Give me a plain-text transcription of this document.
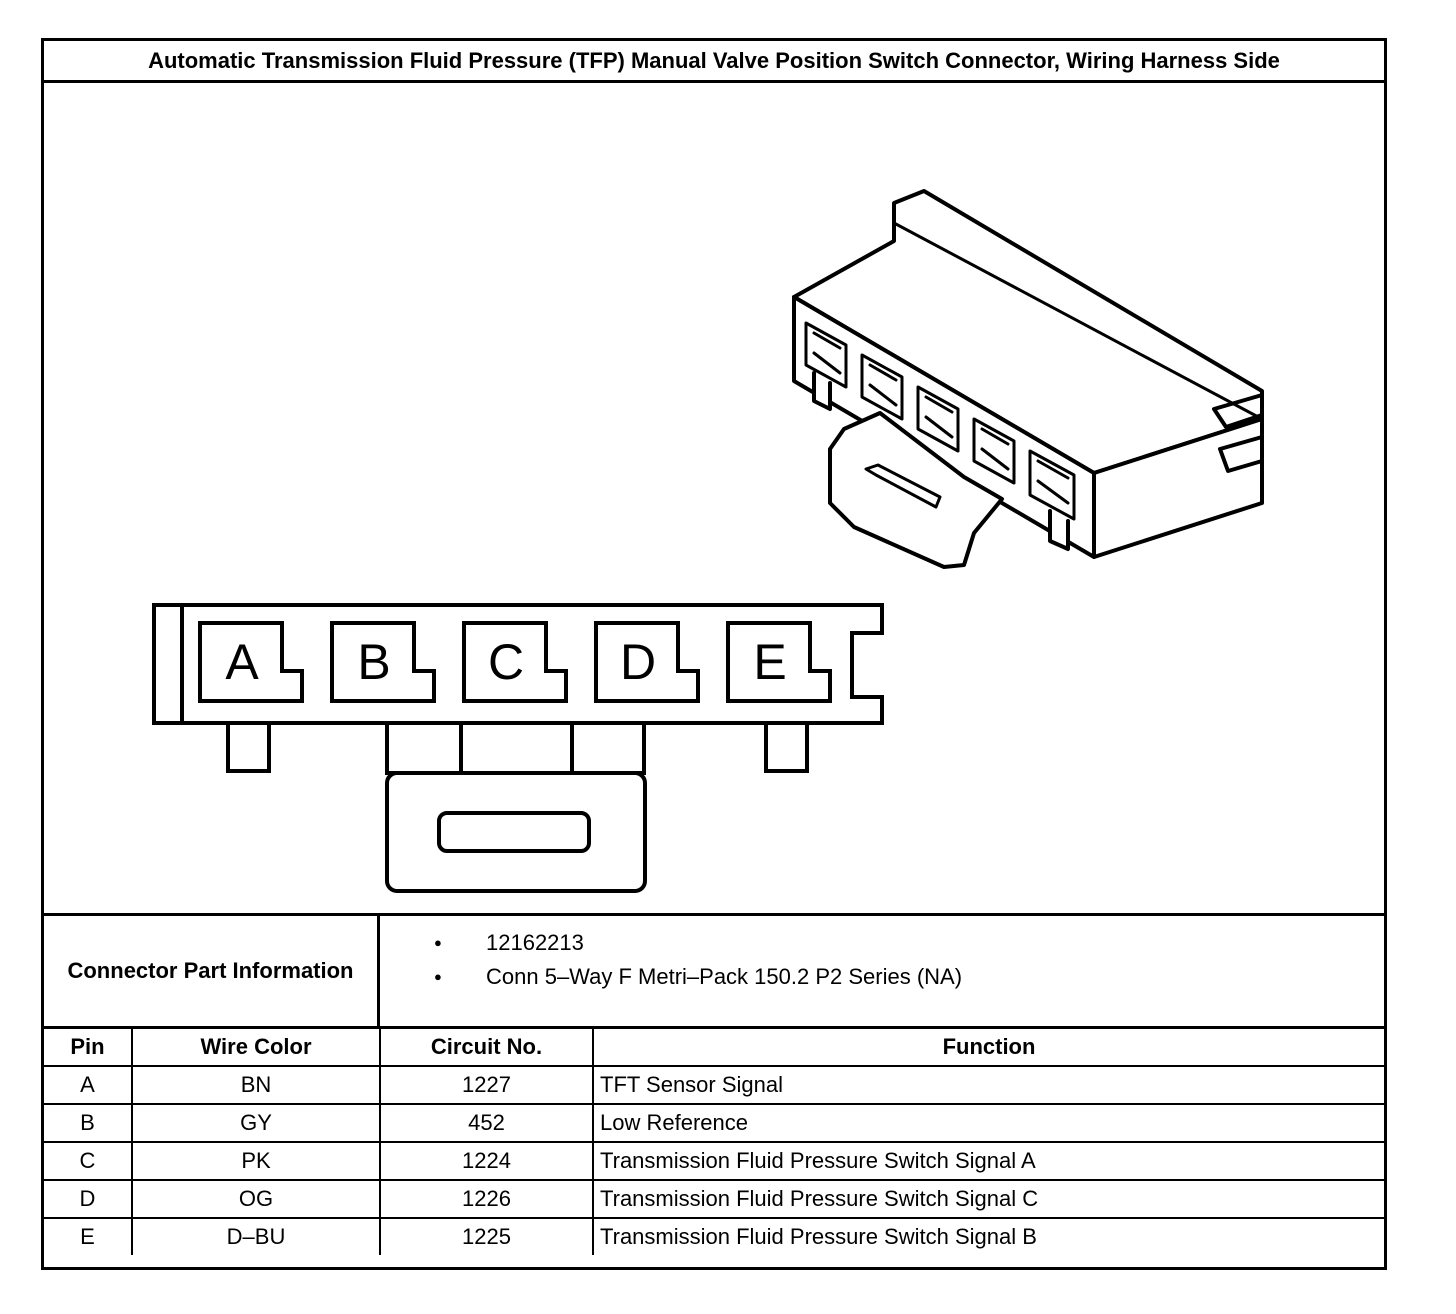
Automatic Transmission Fluid Pressure (TFP) Manual Valve Position Switch Connector, Wiring Harness Side
A B C D E
Connector Part Information
● 12162213
● Conn 5–Way F Metri–Pack 150.2 P2 Series (NA)
Pin	Wire Color	Circuit No.	Function
A	BN	1227	TFT Sensor Signal
B	GY	452	Low Reference
C	PK	1224	Transmission Fluid Pressure Switch Signal A
D	OG	1226	Transmission Fluid Pressure Switch Signal C
E	D–BU	1225	Transmission Fluid Pressure Switch Signal B
